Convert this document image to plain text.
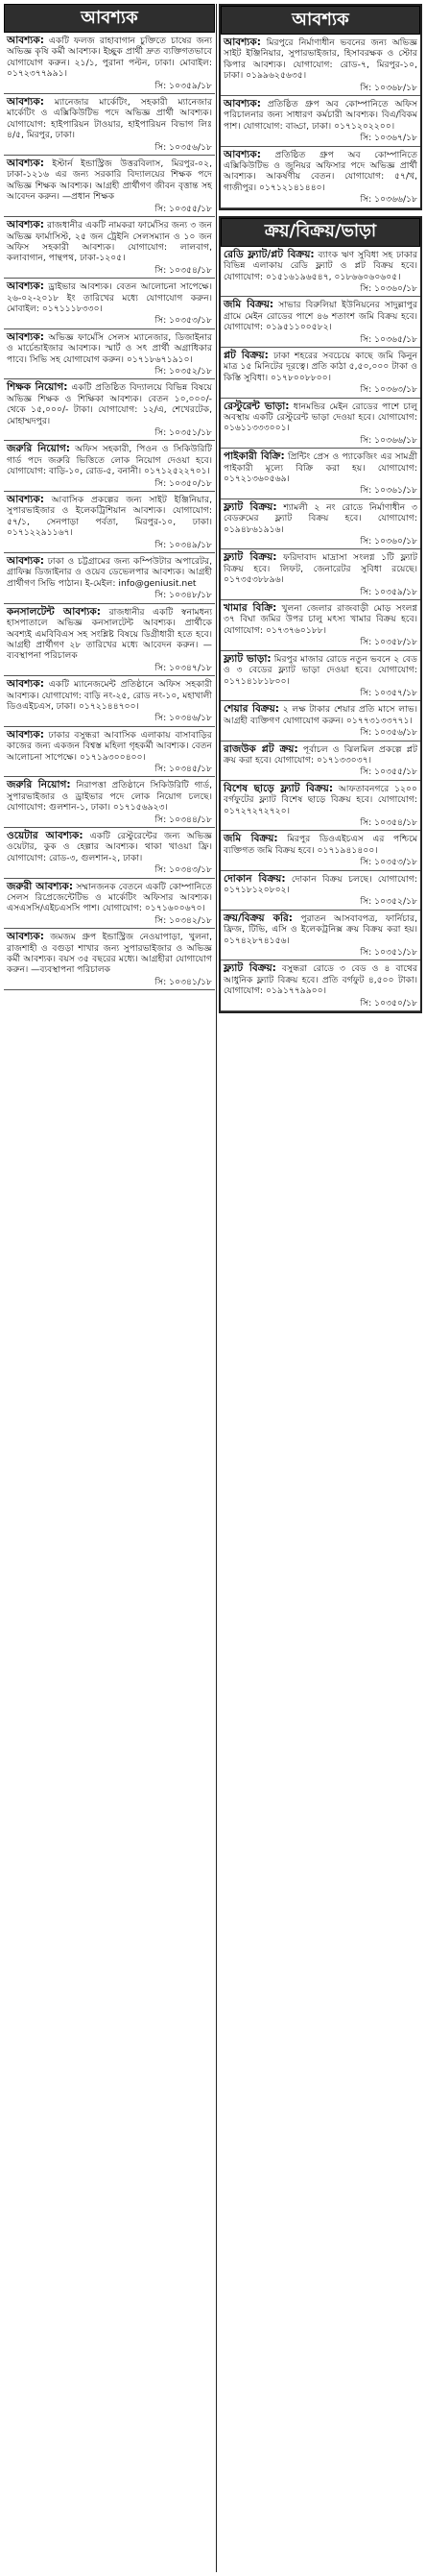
আবশ্যক
আবশ্যক: একটি ফলজ রাহাবাগান চুক্তিতে চাষের জন্য অভিজ্ঞ কৃষি কর্মী আবশ্যক। ইচ্ছুক প্রার্থী দ্রুত ব্যক্তিগতভাবে যোগাযোগ করুন। ২১/১, পুরানা পল্টন, ঢাকা। মোবাইল: ০১৭২৩৭৭৯৯১।
সি: ১০৩৫৯/১৮
আবশ্যক: ম্যানেজার মার্কেটিং, সহকারী ম্যানেজার মার্কেটিং ও এক্সিকিউটিভ পদে অভিজ্ঞ প্রার্থী আবশ্যক। যোগাযোগ: হাইপারিয়ন টাওয়ার, হাইপারিয়ন বিভাগ লিঃ ৪/৫, মিরপুর, ঢাকা।
সি: ১০৩৫৬/১৮
আবশ্যক: ইস্টার্ন ইন্ডাস্ট্রিজ উত্তরবিলাস, মিরপুর-০২, ঢাকা-১২১৬ এর জন্য সরকারি বিদ্যালয়ের শিক্ষক পদে অভিজ্ঞ শিক্ষক আবশ্যক। আগ্রহী প্রার্থীগণ জীবন বৃত্তান্ত সহ আবেদন করুন। —প্রধান শিক্ষক
সি: ১০৩৫৫/১৮
আবশ্যক: রাজধানীর একটি নামকরা ফার্মেসির জন্য ৩ জন অভিজ্ঞ ফার্মাসিস্ট, ২৫ জন ট্রেইনি সেলসম্যান ও ১০ জন অফিস সহকারী আবশ্যক। যোগাযোগ: লালবাগ, কলাবাগান, পান্থপথ, ঢাকা-১২০৫।
সি: ১০৩৫৪/১৮
আবশ্যক: ড্রাইভার আবশ্যক। বেতন আলোচনা সাপেক্ষে। ২৬-০২-২০১৮ ইং তারিখের মধ্যে যোগাযোগ করুন। মোবাইল: ০১৭১১১৮৩৩০।
সি: ১০৩৫৩/১৮
আবশ্যক: অভিজ্ঞ ফার্মেসি সেলস ম্যানেজার, ডিজাইনার ও মার্চেন্ডাইজার আবশ্যক। স্মার্ট ও সৎ প্রার্থী অগ্রাধিকার পাবে। সিভি সহ যোগাযোগ করুন। ০১৭১৮৬৭১৯১০।
সি: ১০৩৫২/১৮
শিক্ষক নিয়োগ: একটি প্রতিষ্ঠিত বিদ্যালয়ে বিভিন্ন বিষয়ে অভিজ্ঞ শিক্ষক ও শিক্ষিকা আবশ্যক। বেতন ১০,০০০/- থেকে ১৫,০০০/- টাকা। যোগাযোগ: ১২/এ, শেখেরটেক, মোহাম্মদপুর।
সি: ১০৩৫১/১৮
জরুরি নিয়োগ: অফিস সহকারী, পিওন ও সিকিউরিটি গার্ড পদে জরুরি ভিত্তিতে লোক নিয়োগ দেওয়া হবে। যোগাযোগ: বাড়ি-১০, রোড-৫, বনানী। ০১৭১২৫২২৭০১।
সি: ১০৩৫০/১৮
আবশ্যক: আবাসিক প্রকল্পের জন্য সাইট ইঞ্জিনিয়ার, সুপারভাইজার ও ইলেকট্রিশিয়ান আবশ্যক। যোগাযোগ: ৫৭/১, সেনপাড়া পর্বতা, মিরপুর-১০, ঢাকা। ০১৭১২২৯১১৬৭।
সি: ১০৩৪৯/১৮
আবশ্যক: ঢাকা ও চট্টগ্রামের জন্য কম্পিউটার অপারেটর, গ্রাফিক্স ডিজাইনার ও ওয়েব ডেভেলপার আবশ্যক। আগ্রহী প্রার্থীগণ সিভি পাঠান। ই-মেইল: info@geniusit.net
সি: ১০৩৪৮/১৮
কনসালটেন্ট আবশ্যক: রাজধানীর একটি স্বনামধন্য হাসপাতালে অভিজ্ঞ কনসালটেন্ট আবশ্যক। প্রার্থীকে অবশ্যই এমবিবিএস সহ সংশ্লিষ্ট বিষয়ে ডিগ্রীধারী হতে হবে। আগ্রহী প্রার্থীগণ ২৮ তারিখের মধ্যে আবেদন করুন। —ব্যবস্থাপনা পরিচালক
সি: ১০৩৪৭/১৮
আবশ্যক: একটি ম্যানেজমেন্ট প্রতিষ্ঠানে অফিস সহকারী আবশ্যক। যোগাযোগ: বাড়ি নং-২৫, রোড নং-১০, মহাখালী ডিওএইচএস, ঢাকা। ০১৭২১৪৪৭০০।
সি: ১০৩৪৬/১৮
আবশ্যক: ঢাকার বসুন্ধরা আবাসিক এলাকায় বাসাবাড়ির কাজের জন্য একজন বিশ্বস্ত মহিলা গৃহকর্মী আবশ্যক। বেতন আলোচনা সাপেক্ষে। ০১৭১৯৩০০৪০০।
সি: ১০৩৪৫/১৮
জরুরি নিয়োগ: নিরাপত্তা প্রতিষ্ঠানে সিকিউরিটি গার্ড, সুপারভাইজার ও ড্রাইভার পদে লোক নিয়োগ চলছে। যোগাযোগ: গুলশান-১, ঢাকা। ০১৭১৫৬৯২৩।
সি: ১০৩৪৪/১৮
ওয়েটার আবশ্যক: একটি রেস্টুরেন্টের জন্য অভিজ্ঞ ওয়েটার, কুক ও হেল্পার আবশ্যক। থাকা খাওয়া ফ্রি। যোগাযোগ: রোড-৩, গুলশান-২, ঢাকা।
সি: ১০৩৪৩/১৮
জরুরী আবশ্যক: সম্মানজনক বেতনে একটি কোম্পানিতে সেলস রিপ্রেজেন্টেটিভ ও মার্কেটিং অফিসার আবশ্যক। এসএসসি/এইচএসসি পাশ। যোগাযোগ: ০১৭১৬০০৬৭০।
সি: ১০৩৪২/১৮
আবশ্যক: জমজম গ্রুপ ইন্ডাস্ট্রিজ নেওয়াপাড়া, খুলনা, রাজশাহী ও বগুড়া শাখার জন্য সুপারভাইজার ও অভিজ্ঞ কর্মী আবশ্যক। বয়স ৩৫ বছরের মধ্যে। আগ্রহীরা যোগাযোগ করুন। —ব্যবস্থাপনা পরিচালক
সি: ১০৩৪১/১৮
আবশ্যক
আবশ্যক: মিরপুরে নির্মাণাধীন ভবনের জন্য অভিজ্ঞ সাইট ইঞ্জিনিয়ার, সুপারভাইজার, হিসাবরক্ষক ও স্টোর কিপার আবশ্যক। যোগাযোগ: রোড-৭, মিরপুর-১০, ঢাকা। ০১৯৯৬২৫৬৩৫।
সি: ১০৩৬৮/১৮
আবশ্যক: প্রতিষ্ঠিত গ্রুপ অব কোম্পানিতে অফিস পরিচালনার জন্য সাধারণ কর্মচারী আবশ্যক। বিএ/বিকম পাশ। যোগাযোগ: বাড্ডা, ঢাকা। ০১৭১২০২২০০।
সি: ১০৩৬৭/১৮
আবশ্যক: প্রতিষ্ঠিত গ্রুপ অব কোম্পানিতে এক্সিকিউটিভ ও জুনিয়র অফিসার পদে অভিজ্ঞ প্রার্থী আবশ্যক। আকর্ষণীয় বেতন। যোগাযোগ: ৫৭/খ, গাজীপুর। ০১৭১২১৪১৪৪০।
সি: ১০৩৬৬/১৮
ক্রয়/বিক্রয়/ভাড়া
রেডি ফ্ল্যাট/প্লট বিক্রয়: ব্যাংক ঋণ সুবিধা সহ ঢাকার বিভিন্ন এলাকায় রেডি ফ্ল্যাট ও প্লট বিক্রয় হবে। যোগাযোগ: ০১৫১৬১৯৬৫৪৭, ০১৮৬৬০৬০৬০৫।
সি: ১০৩৬০/১৮
জমি বিক্রয়: সাভার বিরুলিয়া ইউনিয়নের সাদুল্লাপুর গ্রামে মেইন রোডের পাশে ৪৬ শতাংশ জমি বিক্রয় হবে। যোগাযোগ: ০১৯৫১১০০৫৮২।
সি: ১০৩৬৫/১৮
প্লট বিক্রয়: ঢাকা শহরের সবচেয়ে কাছে জমি কিনুন মাত্র ১৫ মিনিটের দূরত্বে। প্রতি কাঠা ৫,৫০,০০০ টাকা ও কিস্তি সুবিধা। ০১৭৮০০৮৮০০।
সি: ১০৩৬৩/১৮
রেস্টুরেন্ট ভাড়া: ধানমন্ডির মেইন রোডের পাশে চালু অবস্থায় একটি রেস্টুরেন্ট ভাড়া দেওয়া হবে। যোগাযোগ: ০১৬১১৩৩৩০০১।
সি: ১০৩৬৬/১৮
পাইকারী বিক্রি: প্রিন্টিং প্রেস ও প্যাকেজিং এর সামগ্রী পাইকারী মূল্যে বিক্রি করা হয়। যোগাযোগ: ০১৭২১৩৬০৫৬৯।
সি: ১০৩৬১/১৮
ফ্ল্যাট বিক্রয়: শ্যামলী ২ নং রোডে নির্মাণাধীন ৩ বেডরুমের ফ্ল্যাট বিক্রয় হবে। যোগাযোগ: ০১৯৪৮৬১৯১৬।
সি: ১০৩৬০/১৮
ফ্ল্যাট বিক্রয়: ফরিদাবাদ মাদ্রাসা সংলগ্ন ১টি ফ্ল্যাট বিক্রয় হবে। লিফট, জেনারেটর সুবিধা রয়েছে। ০১৭৩৫৩৮৮৯৬।
সি: ১০৩৫৯/১৮
খামার বিক্রি: খুলনা জেলার রাজবাড়ী মোড় সংলগ্ন ৩৭ বিঘা জমির উপর চালু মৎস্য খামার বিক্রয় হবে। যোগাযোগ: ০১৭৩৭৬০১৮৮।
সি: ১০৩৫৮/১৮
ফ্ল্যাট ভাড়া: মিরপুর মাজার রোডে নতুন ভবনে ২ বেড ও ৩ বেডের ফ্ল্যাট ভাড়া দেওয়া হবে। যোগাযোগ: ০১৭১৪১৮১৮০০।
সি: ১০৩৫৭/১৮
শেয়ার বিক্রয়: ২ লক্ষ টাকার শেয়ার প্রতি মাসে লাভ। আগ্রহী ব্যক্তিগণ যোগাযোগ করুন। ০১৭৭৩১৩৩৭৭১।
সি: ১০৩৫৬/১৮
রাজউক প্লট ক্রয়: পূর্বাচল ও ঝিলমিল প্রকল্পে প্লট ক্রয় করা হবে। যোগাযোগ: ০১৭১৩৩০৩৭।
সি: ১০৩৫৫/১৮
বিশেষ ছাড়ে ফ্ল্যাট বিক্রয়: আফতাবনগরে ১২০০ বর্গফুটের ফ্ল্যাট বিশেষ ছাড়ে বিক্রয় হবে। যোগাযোগ: ০১৭২৭২৭২৭২০।
সি: ১০৩৫৪/১৮
জমি বিক্রয়: মিরপুর ডিওএইচএস এর পশ্চিমে ব্যক্তিগত জমি বিক্রয় হবে। ০১৭১৯৪১৪০০।
সি: ১০৩৫৩/১৮
দোকান বিক্রয়: দোকান বিক্রয় চলছে। যোগাযোগ: ০১৭১৮১২০৮০২।
সি: ১০৩৫২/১৮
ক্রয়/বিক্রয় করি: পুরাতন আসবাবপত্র, ফার্নিচার, ফ্রিজ, টিভি, এসি ও ইলেকট্রনিক্স ক্রয় বিক্রয় করা হয়। ০১৭৪২৮৭৪১৫৬।
সি: ১০৩৫১/১৮
ফ্ল্যাট বিক্রয়: বসুন্ধরা রোডে ৩ বেড ও ৪ বাথের আধুনিক ফ্ল্যাট বিক্রয় হবে। প্রতি বর্গফুট ৪,৫০০ টাকা। যোগাযোগ: ০১৯১৭৭৯৯০০।
সি: ১০৩৫০/১৮
